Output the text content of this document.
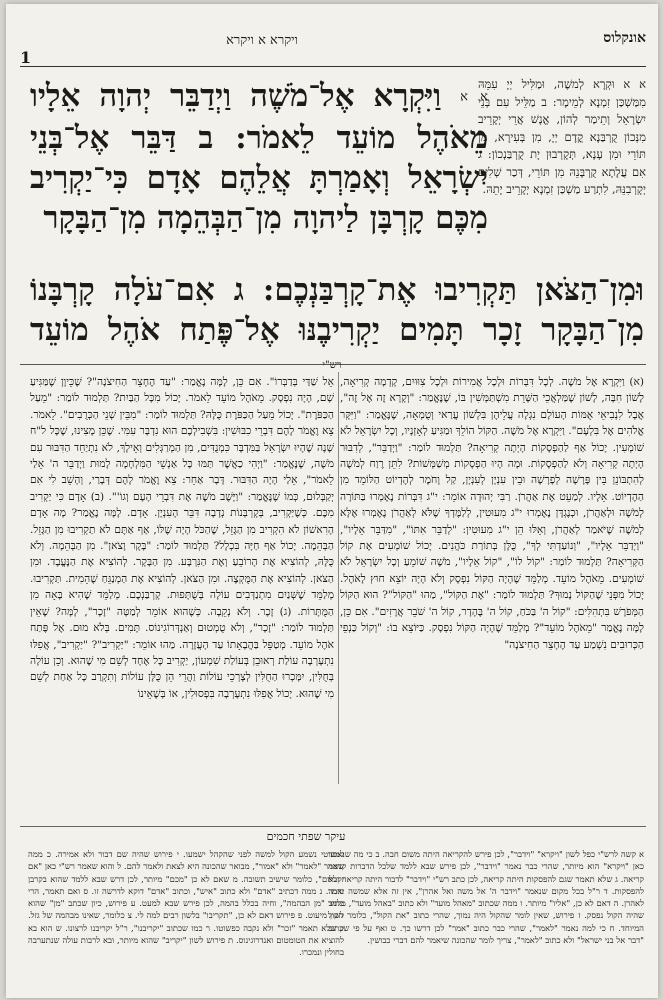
אונקלוס
ויקרא א ויקרא
1
א א וַיִּקְרָא אֶל־מֹשֶׁה וַיְדַבֵּר יְהוָה אֵלָיו מֵאֹהֶל מוֹעֵד לֵאמֹר: ב דַּבֵּר אֶל־בְּנֵי יִשְׂרָאֵל וְאָמַרְתָּ אֲלֵהֶם אָדָם כִּי־יַקְרִיב מִכֶּם קָרְבָּן לַיהוָה מִן־הַבְּהֵמָה מִן־הַבָּקָר
א א וּקְרָא לְמשֶׁה, וּמַלִּיל יְיָ עִמֵּהּ מִמַּשְׁכַּן זִמְנָא לְמֵימָר: ב מַלֵּיל עִם בְּנֵי יִשְׂרָאֵל וְתֵימַר לְהוֹן, אֱנָשׁ אֲרֵי יְקָרֵיב מִנְּכוֹן קֻרְבַּנָא קֳדָם יְיָ, מִן בְּעִירָא, מִן תּוֹרֵי וּמִן עָנָא, תְּקָרְבוּן יָת קֻרְבַּנְכוֹן: ג אִם עֲלָתָא קֻרְבָּנֵהּ מִן תּוֹרֵי, דְּכַר שְׁלִים יְקָרְבִנֵּהּ, לִתְרַע מַשְׁכַּן זִמְנָא יְקָרֵיב יָתֵהּ.
וּמִן־הַצֹּאן תַּקְרִיבוּ אֶת־קָרְבַּנְכֶם: ג אִם־עֹלָה קָרְבָּנוֹ מִן־הַבָּקָר זָכָר תָּמִים יַקְרִיבֶנּוּ אֶל־פֶּתַח אֹהֶל מוֹעֵד
רש"י
(א) וַיִּקְרָא אֶל מֹשֶׁה. לְכָל דִּבְּרוֹת וּלְכָל אֲמִירוֹת וּלְכָל צִוּוּיִם, קָדְמָה קְרִיאָה, לָשׁוֹן חִבָּה, לָשׁוֹן שֶׁמַּלְאֲכֵי הַשָּׁרֵת מִשְׁתַּמְּשִׁין בּוֹ, שֶׁנֶּאֱמַר: "וְקָרָא זֶה אֶל זֶה", אֲבָל לִנְבִיאֵי אֻמּוֹת הָעוֹלָם נִגְלָה עֲלֵיהֶן בִּלְשׁוֹן עֲרַאי וְטֻמְאָה, שֶׁנֶּאֱמַר: "וַיִּקָּר אֱלֹהִים אֶל בִּלְעָם". וַיִּקְרָא אֶל מֹשֶׁה. הַקּוֹל הוֹלֵךְ וּמַגִּיעַ לְאָזְנָיו, וְכָל יִשְׂרָאֵל לֹא שׁוֹמְעִין. יָכוֹל אַף לַהַפְסָקוֹת הָיְתָה קְרִיאָה? תַּלְמוּד לוֹמַר: "וַיְדַבֵּר", לְדִבּוּר הָיְתָה קְרִיאָה וְלֹא לַהַפְסָקוֹת. וּמָה הָיוּ הַפְסָקוֹת מְשַׁמְּשׁוֹת? לִתֵּן רֶוַח לְמֹשֶׁה לְהִתְבּוֹנֵן בֵּין פָּרָשָׁה לְפָרָשָׁה וּבֵין עִנְיָן לְעִנְיָן, קַל וָחֹמֶר לְהֶדְיוֹט הַלּוֹמֵד מִן הַהֶדְיוֹט. אֵלָיו. לְמַעֵט אֶת אַהֲרֹן. רַבִּי יְהוּדָה אוֹמֵר: י"ג דִּבְּרוֹת נֶאֶמְרוּ בַּתּוֹרָה לְמֹשֶׁה וּלְאַהֲרֹן, וּכְנֶגְדָּן נֶאֶמְרוּ י"ג מִעוּטִין, לְלַמֶּדְךָ שֶׁלֹּא לְאַהֲרֹן נֶאֶמְרוּ אֶלָּא לְמֹשֶׁה שֶׁיֹּאמַר לְאַהֲרֹן, וְאֵלּוּ הֵן י"ג מִעוּטִין: "לְדַבֵּר אִתּוֹ", "מִדַּבֵּר אֵלָיו", "וַיְדַבֵּר אֵלָיו", "וְנוֹעַדְתִּי לְךָ", כֻּלָּן בְּתוֹרַת כֹּהֲנִים. יָכוֹל שׁוֹמְעִים אֶת קוֹל הַקְּרִיאָה? תַּלְמוּד לוֹמַר: "קוֹל לוֹ", "קוֹל אֵלָיו", מֹשֶׁה שׁוֹמֵעַ וְכָל יִשְׂרָאֵל לֹא שׁוֹמְעִים. מֵאֹהֶל מוֹעֵד. מְלַמֵּד שֶׁהָיָה הַקּוֹל נִפְסָק וְלֹא הָיָה יוֹצֵא חוּץ לָאֹהֶל. יָכוֹל מִפְּנֵי שֶׁהַקּוֹל נָמוּךְ? תַּלְמוּד לוֹמַר: "אֶת הַקּוֹל", מַהוּ "הַקּוֹל"? הוּא הַקּוֹל הַמְּפֹרָשׁ בִּתְהִלִּים: "קוֹל ה' בַּכֹּחַ, קוֹל ה' בֶּהָדָר, קוֹל ה' שֹׁבֵר אֲרָזִים". אִם כֵּן, לָמָּה נֶאֱמַר "מֵאֹהֶל מוֹעֵד"? מְלַמֵּד שֶׁהָיָה הַקּוֹל נִפְסָק. כַּיּוֹצֵא בוֹ: "וְקוֹל כַּנְפֵי הַכְּרוּבִים נִשְׁמַע עַד הֶחָצֵר הַחִיצֹנָה"
אֵל שַׁדַּי בְּדַבְּרוֹ". אִם כֵּן, לָמָּה נֶאֱמַר: "עַד הֶחָצֵר הַחִיצֹנָה"? שֶׁכֵּיוָן שֶׁמַּגִּיעַ שָׁם, הָיָה נִפְסָק. מֵאֹהֶל מוֹעֵד לֵאמֹר. יָכוֹל מִכָּל הַבַּיִת? תַּלְמוּד לוֹמַר: "מֵעַל הַכַּפֹּרֶת". יָכוֹל מֵעַל הַכַּפֹּרֶת כֻּלָּהּ? תַּלְמוּד לוֹמַר: "מִבֵּין שְׁנֵי הַכְּרֻבִים". לֵאמֹר. צֵא וֶאֱמֹר לָהֶם דִּבְרֵי כִבּוּשִׁין: בִּשְׁבִילְכֶם הוּא נִדְבָּר עִמִּי. שֶׁכֵּן מָצִינוּ, שֶׁכָּל ל"ח שָׁנָה שֶׁהָיוּ יִשְׂרָאֵל בַּמִּדְבָּר כִּמְנֻדִּים, מִן הַמְרַגְּלִים וְאֵילָךְ, לֹא נִתְיַחֵד הַדִּבּוּר עִם מֹשֶׁה, שֶׁנֶּאֱמַר: "וַיְהִי כַאֲשֶׁר תַּמּוּ כָּל אַנְשֵׁי הַמִּלְחָמָה לָמוּת וַיְדַבֵּר ה' אֵלַי לֵאמֹר", אֵלַי הָיָה הַדִּבּוּר. דָּבָר אַחֵר: צֵא וֶאֱמֹר לָהֶם דְּבָרַי, וְהָשֵׁב לִי אִם יְקַבְּלוּם, כְּמוֹ שֶׁנֶּאֱמַר: "וַיָּשֶׁב מֹשֶׁה אֶת דִּבְרֵי הָעָם וְגוֹ'". (ב) אָדָם כִּי יַקְרִיב מִכֶּם. כְּשֶׁיַּקְרִיב, בְּקָרְבְּנוֹת נְדָבָה דִּבֵּר הָעִנְיָן. אָדָם. לָמָּה נֶאֱמַר? מָה אָדָם הָרִאשׁוֹן לֹא הִקְרִיב מִן הַגָּזֵל, שֶׁהַכֹּל הָיָה שֶׁלּוֹ, אַף אַתֶּם לֹא תַקְרִיבוּ מִן הַגָּזֵל. הַבְּהֵמָה. יָכוֹל אַף חַיָּה בִּכְלָל? תַּלְמוּד לוֹמַר: "בָּקָר וָצֹאן". מִן הַבְּהֵמָה. וְלֹא כֻּלָּהּ, לְהוֹצִיא אֶת הָרוֹבֵעַ וְאֶת הַנִּרְבָּע. מִן הַבָּקָר. לְהוֹצִיא אֶת הַנֶּעֱבָד. וּמִן הַצֹּאן. לְהוֹצִיא אֶת הַמֻּקְצֶה. וּמִן הַצֹּאן. לְהוֹצִיא אֶת הַמְנַגֵּחַ שֶׁהֵמִית. תַּקְרִיבוּ. מְלַמֵּד שֶׁשְּׁנַיִם מִתְנַדְּבִים עוֹלָה בְּשֻׁתָּפוּת. קָרְבַּנְכֶם. מְלַמֵּד שֶׁהִיא בָּאָה מִן הַמֻּתָּרוֹת. (ג) זָכָר. וְלֹא נְקֵבָה. כְּשֶׁהוּא אוֹמֵר לְמַטָּה "זָכָר", לָמָּה? שֶׁאֵין תַּלְמוּד לוֹמַר: "זָכָר", וְלֹא טֻמְטוּם וְאַנְדְּרוֹגִינוֹס. תָּמִים. בְּלֹא מוּם. אֶל פֶּתַח אֹהֶל מוֹעֵד. מְטַפֵּל בַּהֲבָאָתוֹ עַד הָעֲזָרָה. מַהוּ אוֹמֵר: "יַקְרִיב"? "יַקְרִיב", אֲפִלּוּ נִתְעָרְבָה עוֹלַת רְאוּבֵן בְּעוֹלַת שִׁמְעוֹן, יַקְרִיב כָּל אֶחָד לְשֵׁם מִי שֶׁהוּא. וְכֵן עוֹלָה בְּחֻלִּין, יִמָּכְרוּ הַחֻלִּין לְצָרְכֵי עוֹלוֹת וַהֲרֵי הֵן כֻּלָּן עוֹלוֹת וְתִקְרַב כָּל אַחַת לְשֵׁם מִי שֶׁהוּא. יָכוֹל אֲפִלּוּ נִתְעָרְבָה בִּפְסוּלִין, אוֹ בְּשֶׁאֵינוֹ
עיקר שפתי חכמים
א קשה לרש"י כפל לשון "ויקרא" "וידבר", לכן פירש להקריאה היתה משום חבה. ב כי מה שנאמר כאן "ויקרא" הוא מיותר, שהרי כבר נאמר "וידבר", לכן פירש שבא ללמד שלכל הדברות קדמה קריאה. ג שלא תאמר שגם להפסקות היתה קריאה, לכן כתב רש"י "וידבר" לדבור היתה קריאה ולא להפסקות. ד ר"ל בכל מקום שנאמר "וידבר ה' אל משה ואל אהרן", אין זה אלא שמשה יאמר לאהרן. ה דאם לא כן, "אליו" מיותר. ו ממה שכתוב "מאהל מועד" ולא כתוב "באהל מועד", מלמד שהיה הקול נפסק. ז פירוש, שאין לומר שהקול היה נמוך, שהרי כתוב "את הקול", כלומר הקול המיוחד. ח כי למה נאמר "לאמר", שהרי כבר כתוב "אמר" לכן דרשו כך. ט ואף על פי שכתוב "דבר אל בני ישראל" ולא כתוב "לאמר", צריך לומר שהכונה שיאמר להם דברי כבושין.
למעוטי נשמע הקול למשה לפני שהקהל ישמעו. י פירוש שהיה שם דבור ולא אמירה. כ ממה שאמר "לאמר" ולא "אמור", מבואר שהכונה היא לצאת ולאמר להם. ל והוא שאמר רש"י כאן "אם יקבלום", כלומר שישיב תשובה. מ שאם לא כן "מכם" מיותר, לכן דרש שבא ללמד שהוא בקרבן נדבה. נ ממה דכתיב "אדם" ולא כתוב "איש", וכתוב "אדם" דוקא לדרשה זו. ס ואם תאמר, הרי כתוב "מן הבהמה", וחיה בכלל בהמה, לכן פירש שבא למעט. ע פירוש, כיון שכתב "מן" שהוא לשון מיעוט. פ פירוש דאם לא כן, "תקריבו" בלשון רבים למה לי. צ כלומר, שאינו מבהמה של גזל. ק שלא תאמר "זכר" ולא נקבה כפשוטו. ר כמו שכתוב "יקריבנו", ר"ל יקריבנו לרצונו. ש הוא בא להוציא את הטומטום ואנדרוגינוס. ת פירוש לשון "יקריב" שהוא מיותר, ובא לרבות עולה שנתערבה בחולין ונמכרו.
